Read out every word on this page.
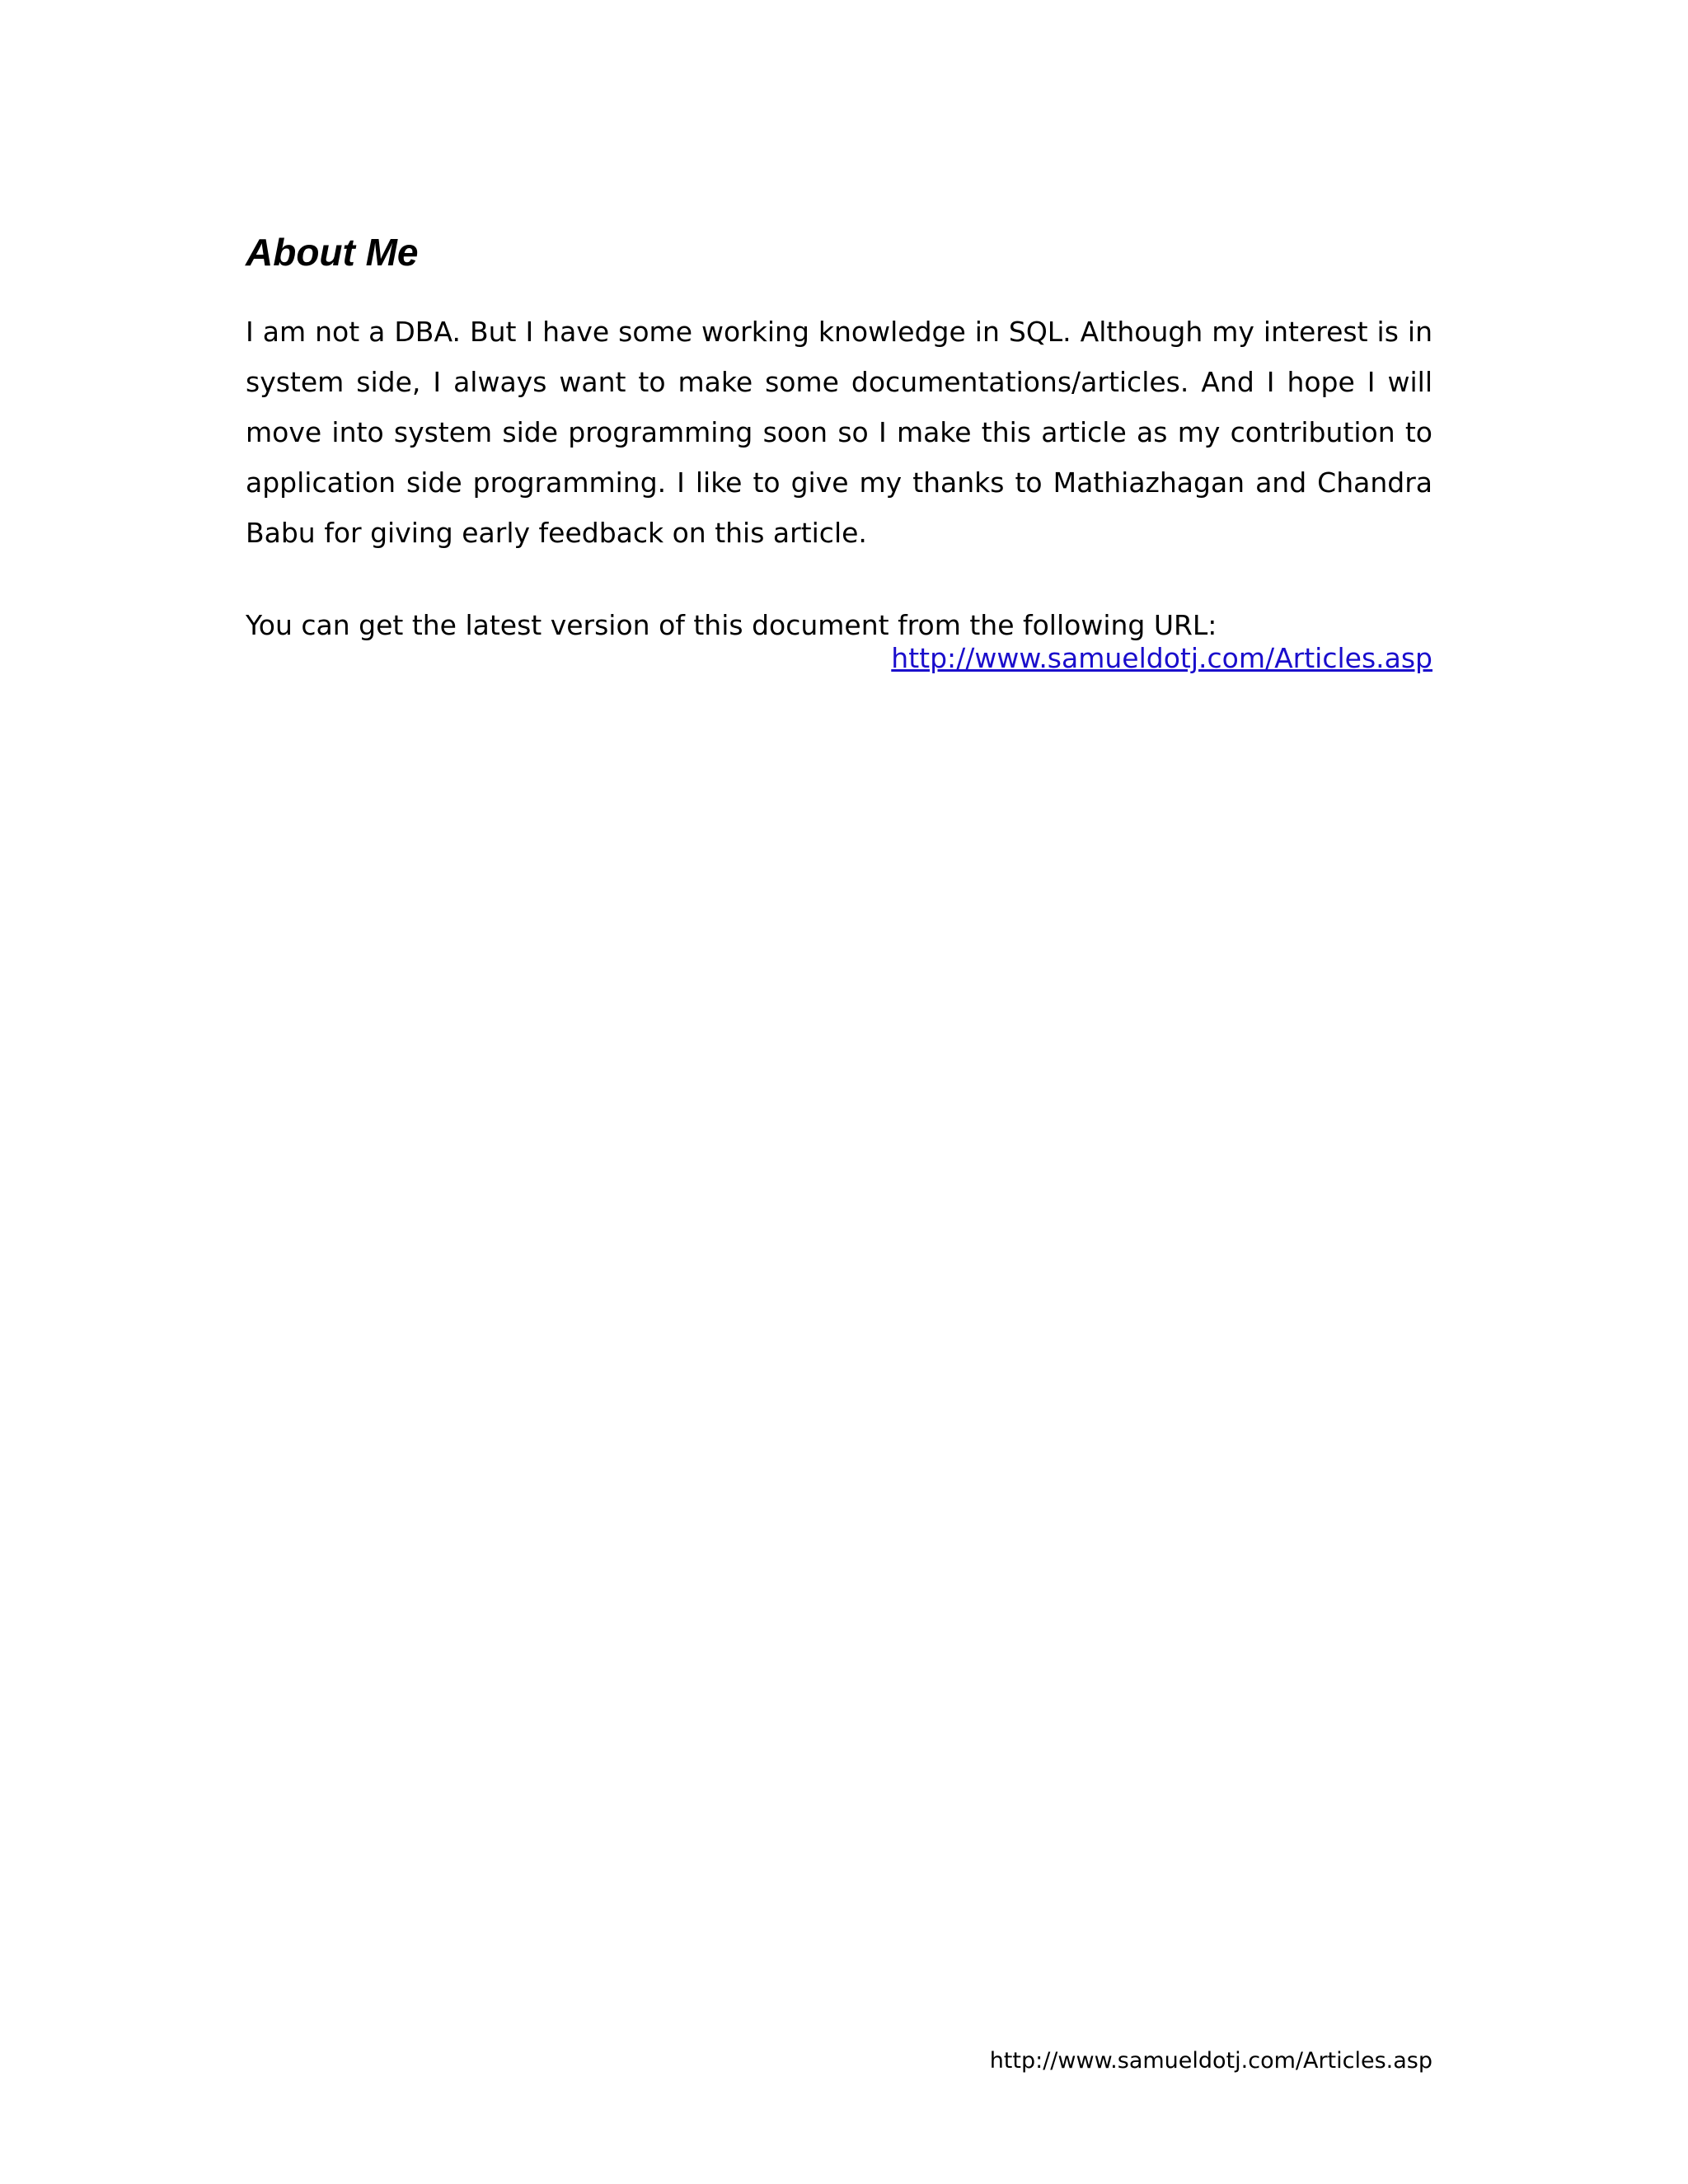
About Me

I am not a DBA. But I have some working knowledge in SQL. Although my interest is in system side, I always want to make some documentations/articles. And I hope I will move into system side programming soon so I make this article as my contribution to application side programming. I like to give my thanks to Mathiazhagan and Chandra Babu for giving early feedback on this article.

You can get the latest version of this document from the following URL:

http://www.samueldotj.com/Articles.asp

http://www.samueldotj.com/Articles.asp
